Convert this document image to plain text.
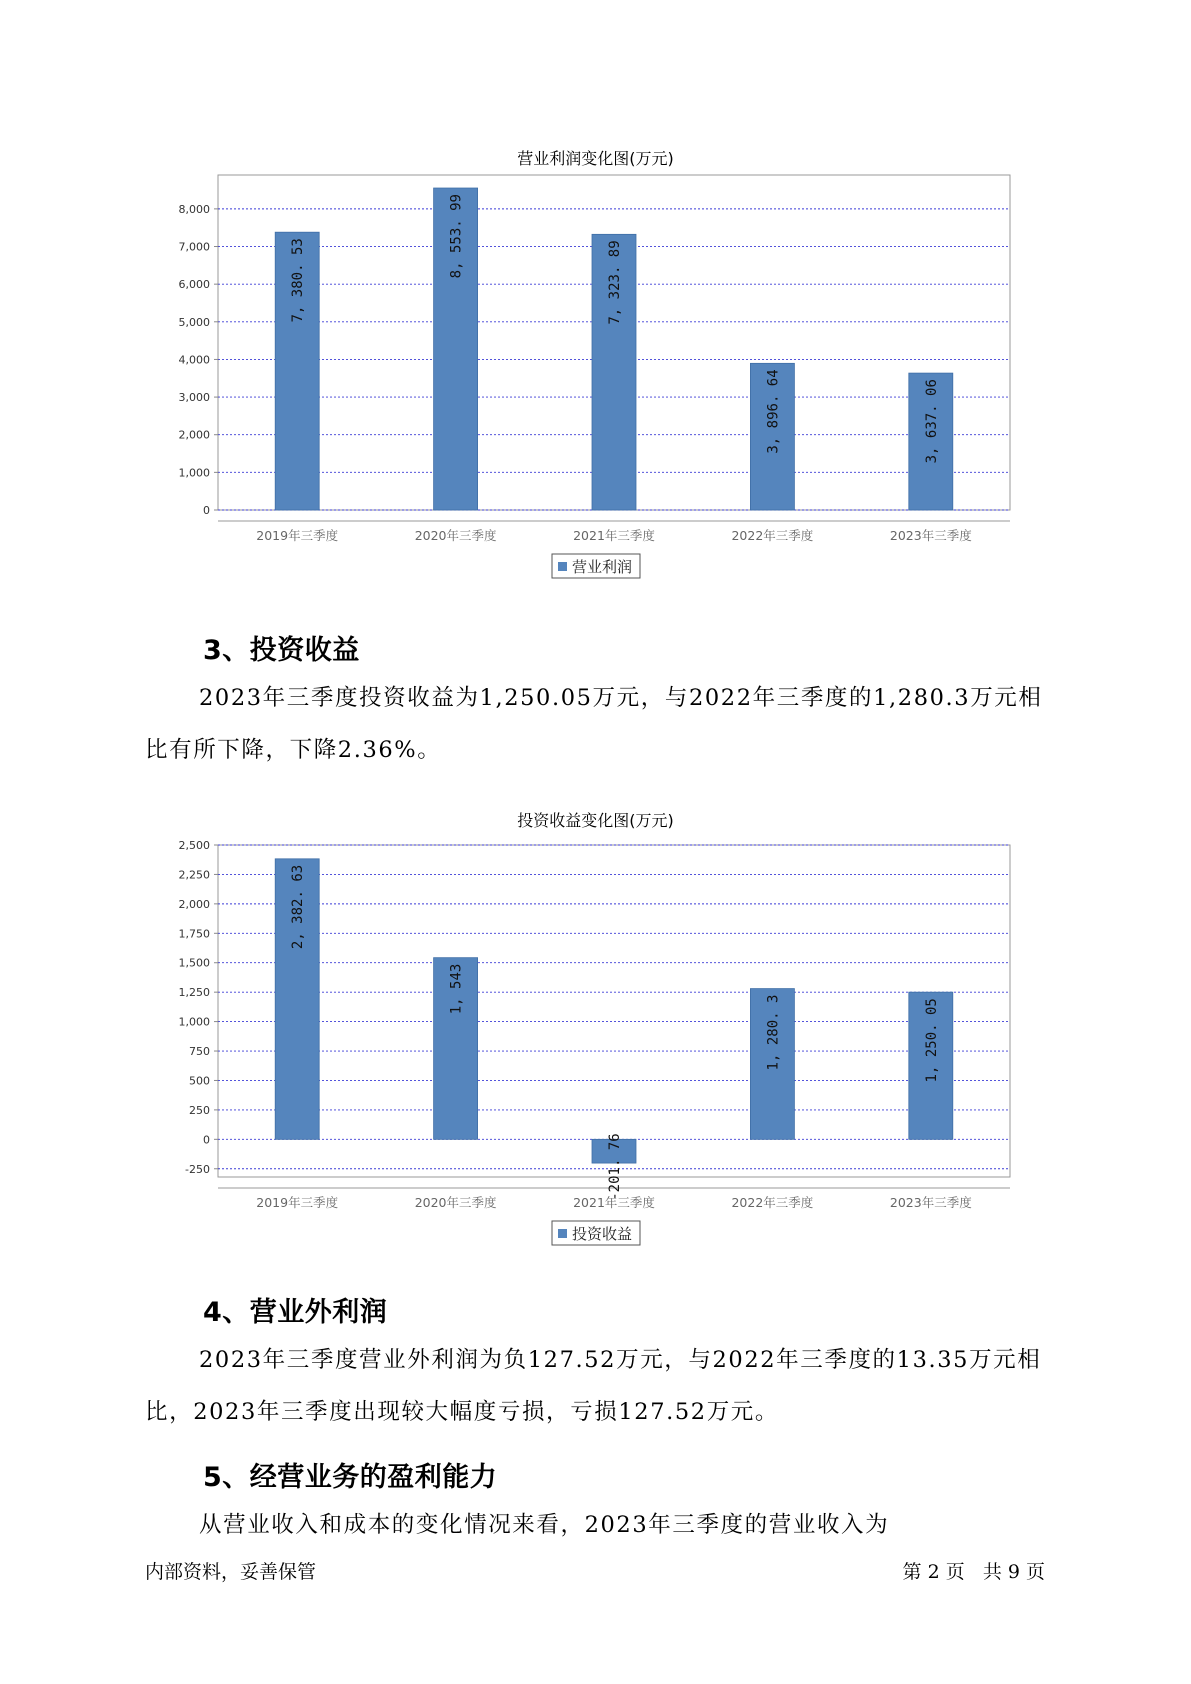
营业利润变化图(万元)
0
1,000
2,000
3,000
4,000
5,000
6,000
7,000
8,000
7, 380. 53
2019年三季度
8, 553. 99
2020年三季度
7, 323. 89
2021年三季度
3, 896. 64
2022年三季度
3, 637. 06
2023年三季度
营业利润
3、投资收益
2023年三季度投资收益为1,250.05万元，与2022年三季度的1,280.3万元相比有所下降，下降2.36%。
投资收益变化图(万元)
-250
0
250
500
750
1,000
1,250
1,500
1,750
2,000
2,250
2,500
2, 382. 63
2019年三季度
1, 543
2020年三季度
-201. 76
2021年三季度
1, 280. 3
2022年三季度
1, 250. 05
2023年三季度
投资收益
4、营业外利润
2023年三季度营业外利润为负127.52万元，与2022年三季度的13.35万元相比，2023年三季度出现较大幅度亏损，亏损127.52万元。
5、经营业务的盈利能力
从营业收入和成本的变化情况来看，2023年三季度的营业收入为
内部资料，妥善保管	第 2 页   共 9 页
